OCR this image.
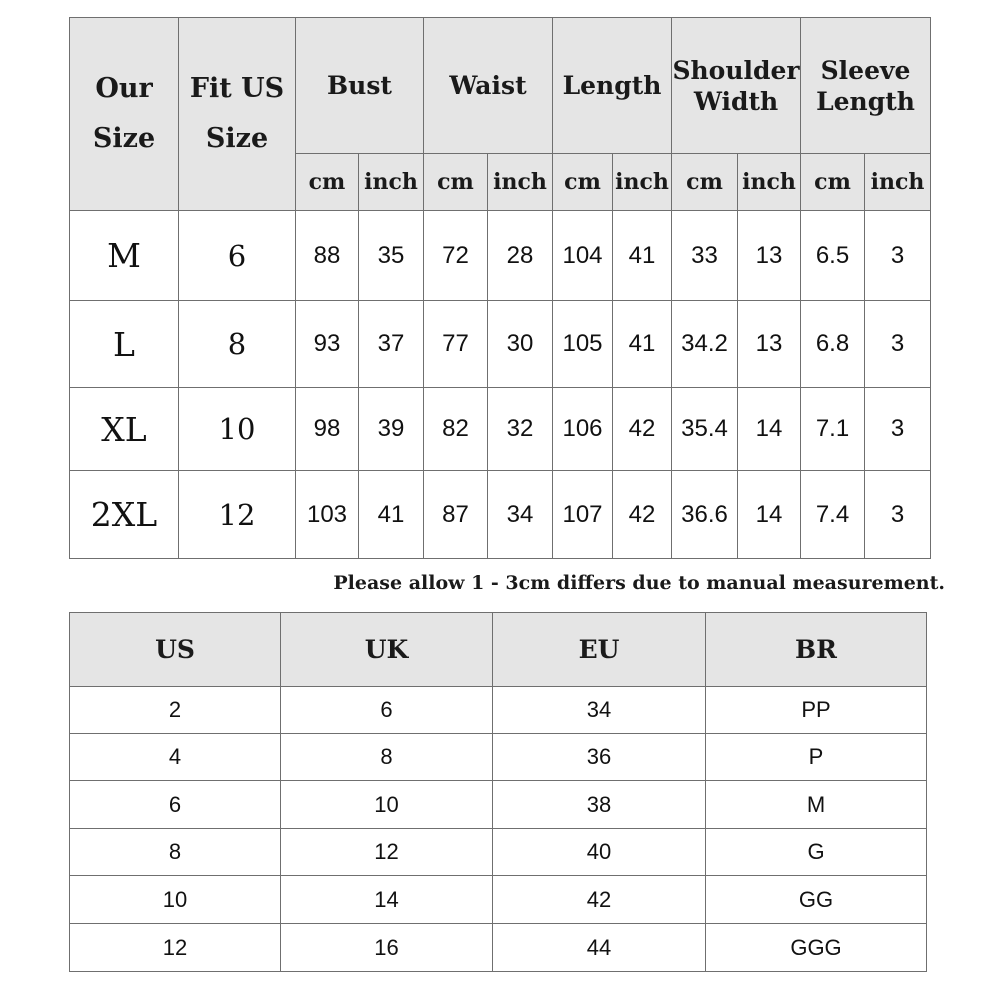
Our Size	Fit US Size	Bust		Waist		Length		Shoulder Width		Sleeve Length	
		cm	inch	cm	inch	cm	inch	cm	inch	cm	inch
M	6	88	35	72	28	104	41	33	13	6.5	3
L	8	93	37	77	30	105	41	34.2	13	6.8	3
XL	10	98	39	82	32	106	42	35.4	14	7.1	3
2XL	12	103	41	87	34	107	42	36.6	14	7.4	3
Please allow 1 - 3cm differs due to manual measurement.
US	UK	EU	BR
2	6	34	PP
4	8	36	P
6	10	38	M
8	12	40	G
10	14	42	GG
12	16	44	GGG
